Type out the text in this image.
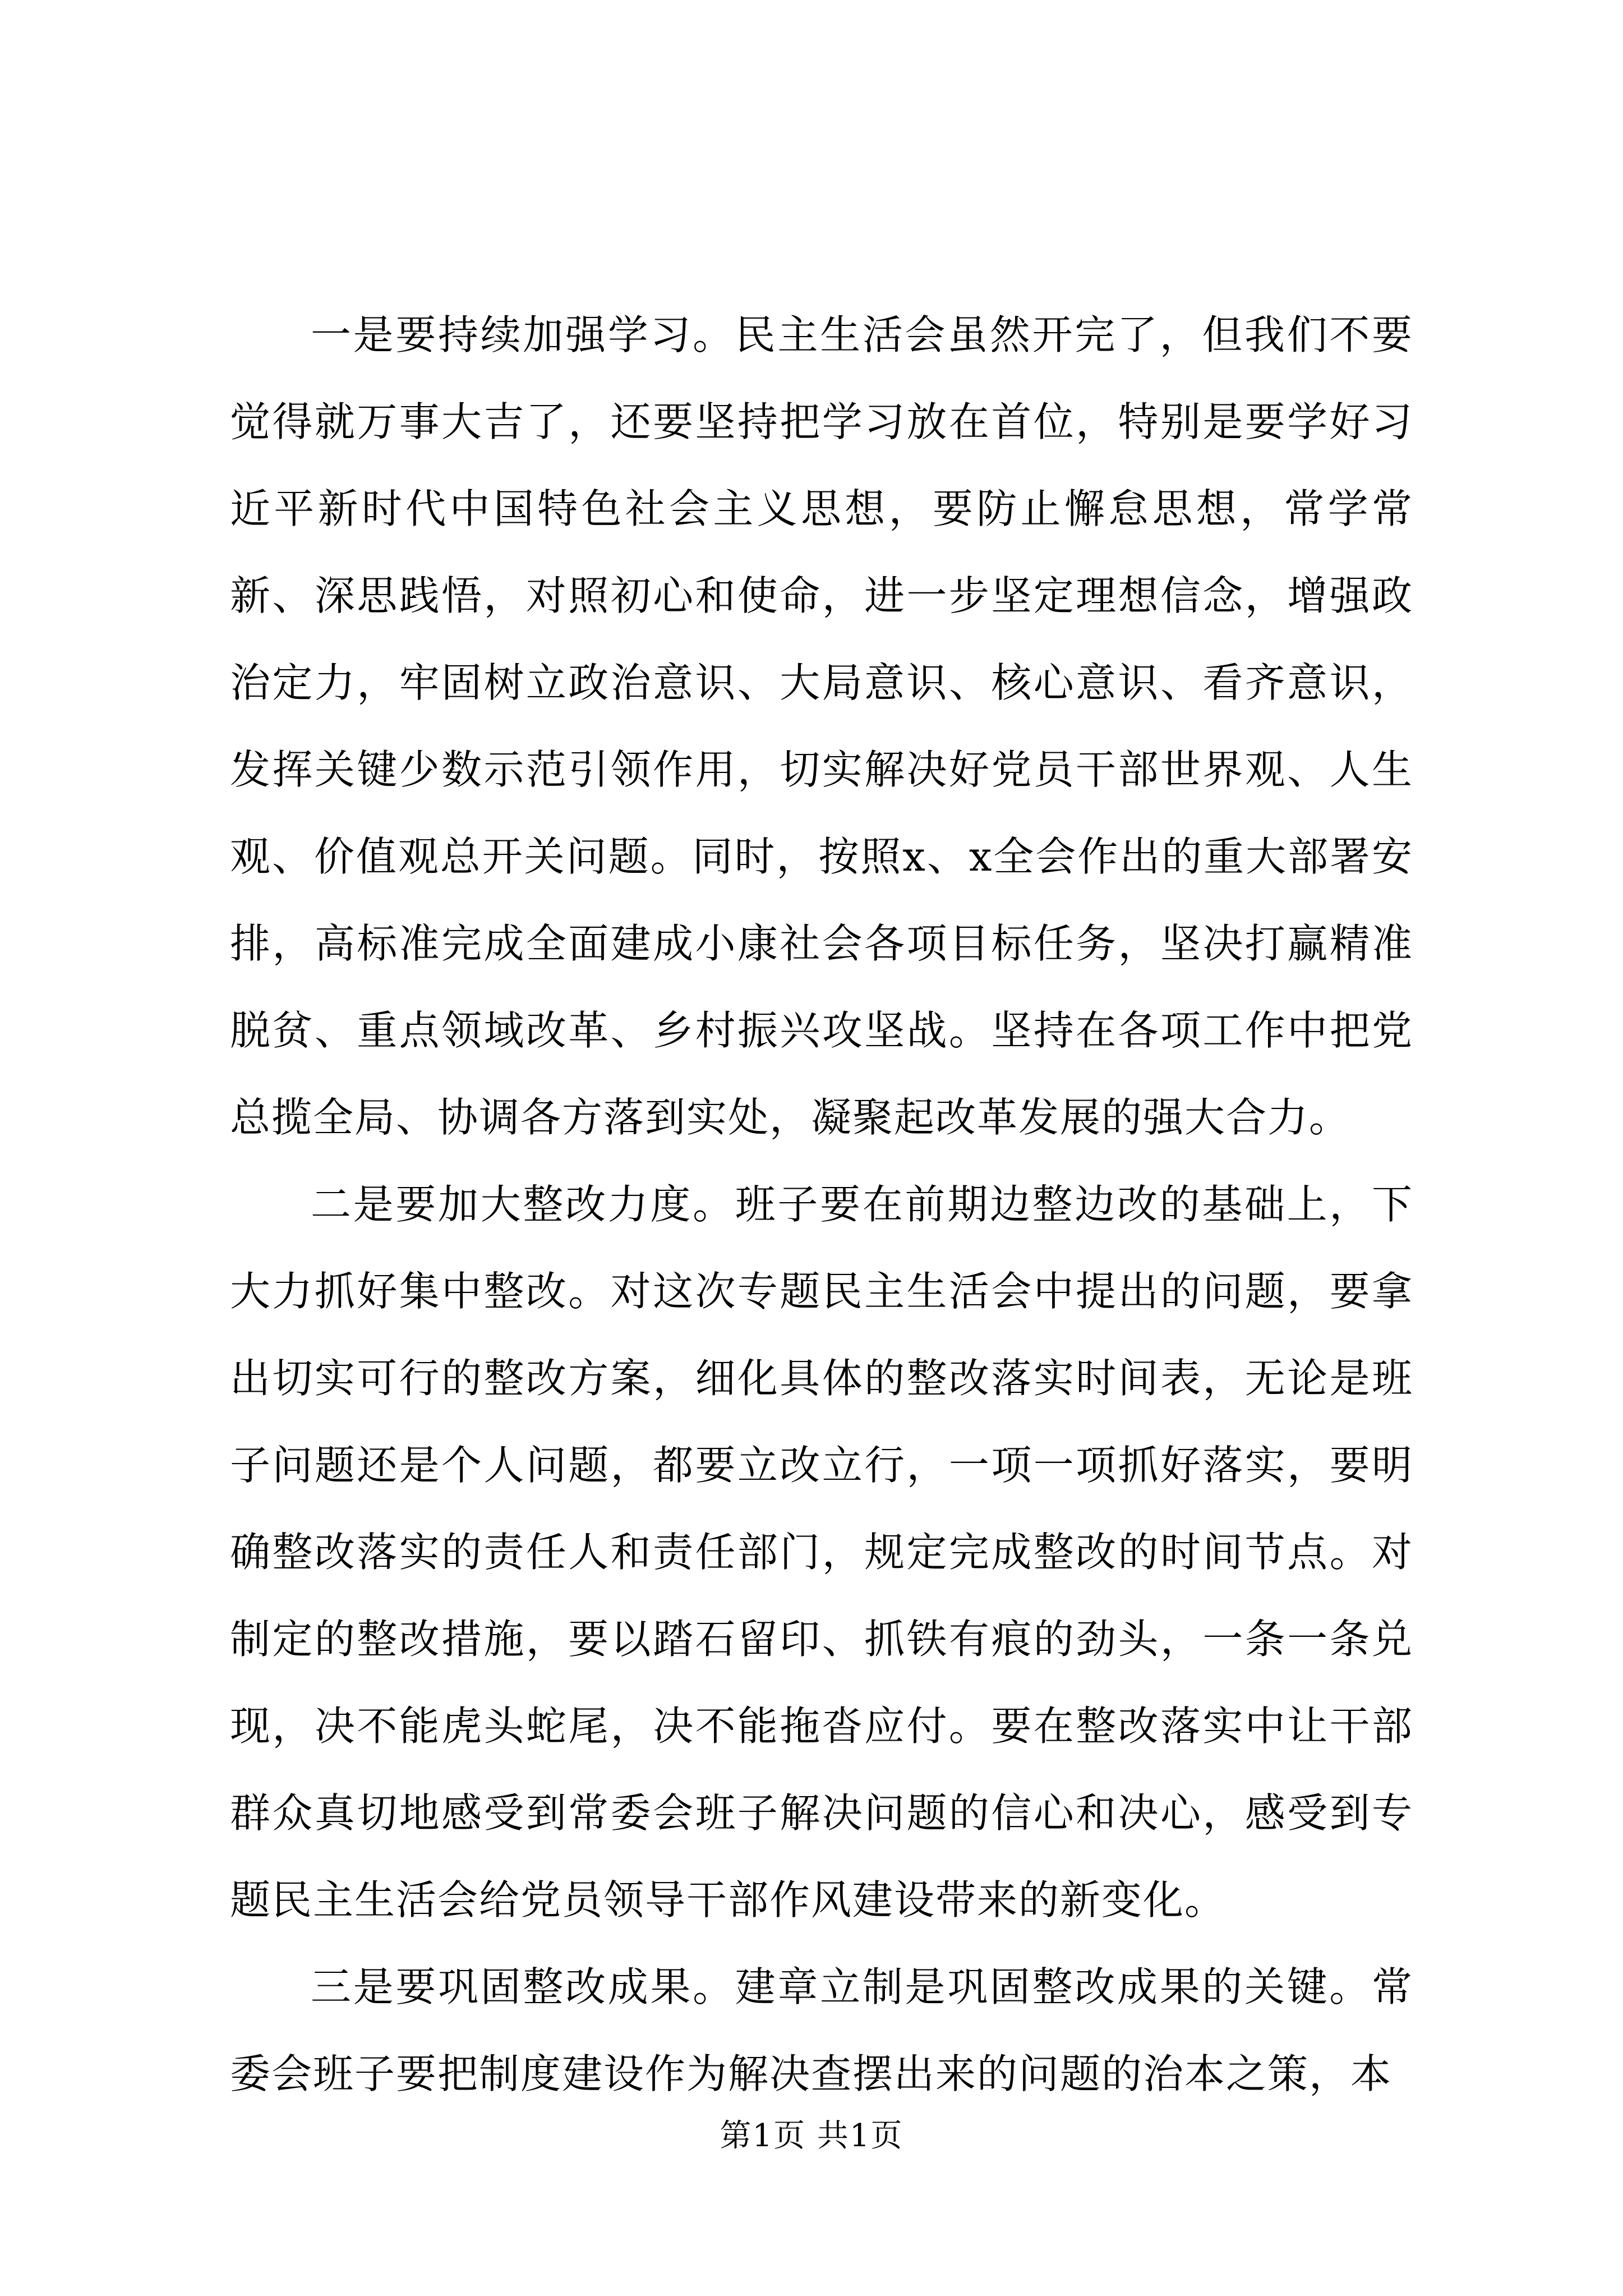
一是要持续加强学习。民主生活会虽然开完了，但我们不要觉得就万事大吉了，还要坚持把学习放在首位，特别是要学好习近平新时代中国特色社会主义思想，要防止懈怠思想，常学常新、深思践悟，对照初心和使命，进一步坚定理想信念，增强政治定力，牢固树立政治意识、大局意识、核心意识、看齐意识，发挥关键少数示范引领作用，切实解决好党员干部世界观、人生观、价值观总开关问题。同时，按照x、x全会作出的重大部署安排，高标准完成全面建成小康社会各项目标任务，坚决打赢精准脱贫、重点领域改革、乡村振兴攻坚战。坚持在各项工作中把党总揽全局、协调各方落到实处，凝聚起改革发展的强大合力。

二是要加大整改力度。班子要在前期边整边改的基础上，下大力抓好集中整改。对这次专题民主生活会中提出的问题，要拿出切实可行的整改方案，细化具体的整改落实时间表，无论是班子问题还是个人问题，都要立改立行，一项一项抓好落实，要明确整改落实的责任人和责任部门，规定完成整改的时间节点。对制定的整改措施，要以踏石留印、抓铁有痕的劲头，一条一条兑现，决不能虎头蛇尾，决不能拖沓应付。要在整改落实中让干部群众真切地感受到常委会班子解决问题的信心和决心，感受到专题民主生活会给党员领导干部作风建设带来的新变化。

三是要巩固整改成果。建章立制是巩固整改成果的关键。常委会班子要把制度建设作为解决查摆出来的问题的治本之策，本

第1页 共1页
